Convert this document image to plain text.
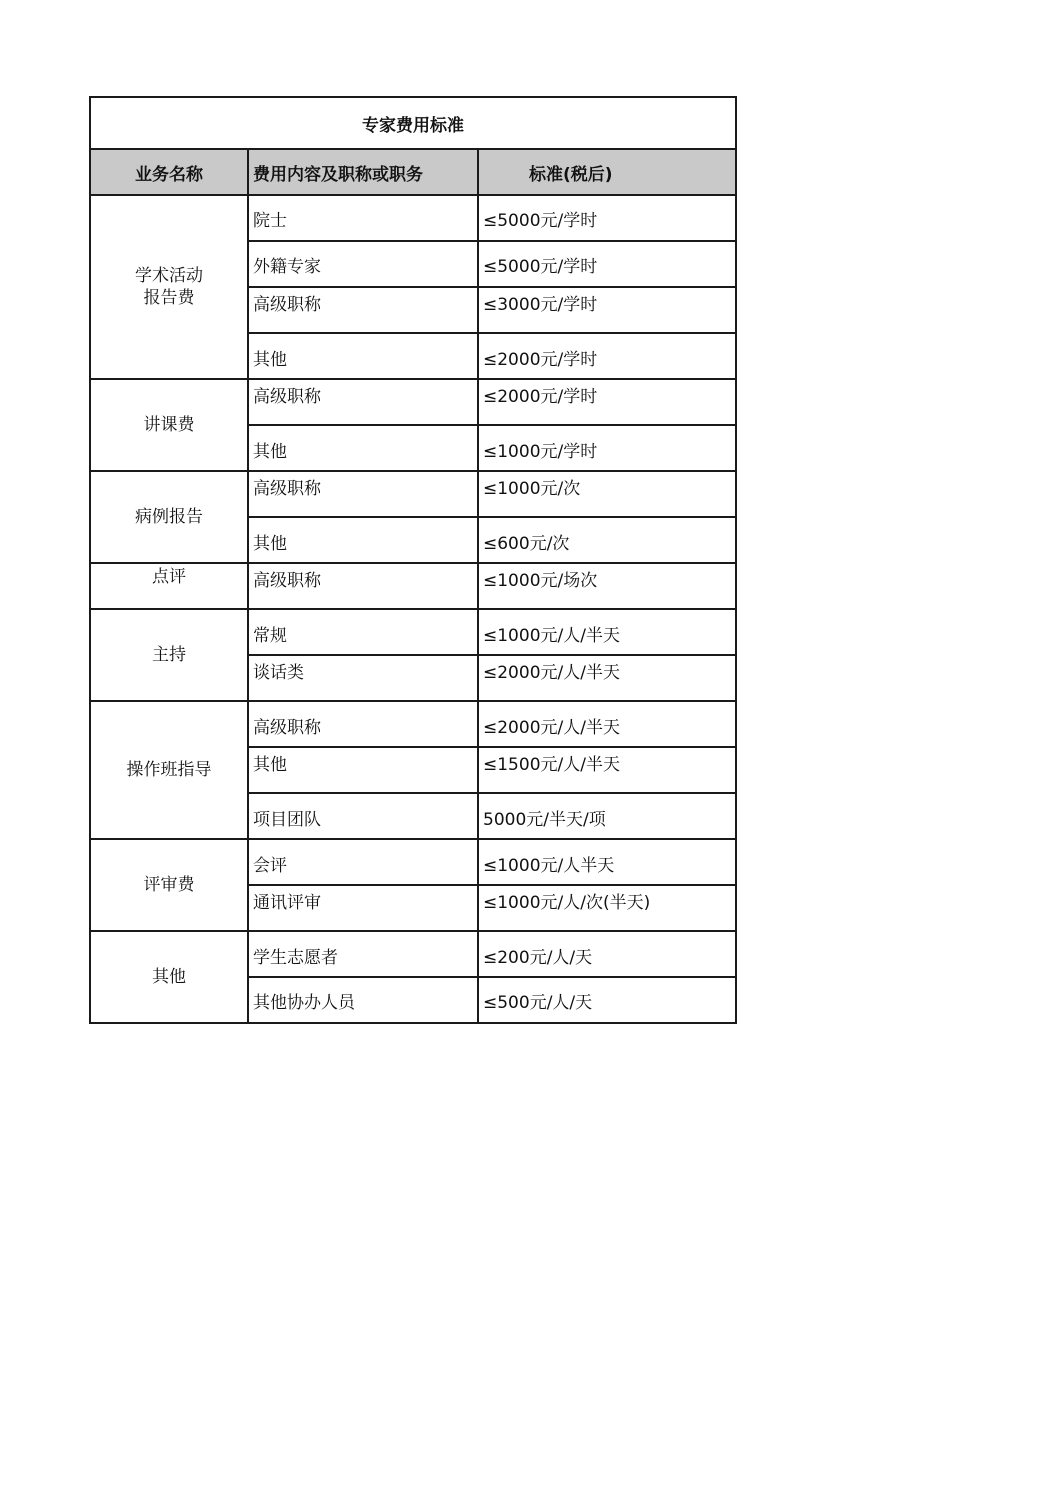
专家费用标准		
业务名称	费用内容及职称或职务	标准(税后)

学术活动
报告费	院士	≤5000元/学时
	外籍专家	≤5000元/学时
	高级职称	≤3000元/学时
	其他	≤2000元/学时

讲课费	高级职称	≤2000元/学时
	其他	≤1000元/学时

病例报告	高级职称	≤1000元/次
	其他	≤600元/次

点评	高级职称	≤1000元/场次

主持	常规	≤1000元/人/半天
	谈话类	≤2000元/人/半天

操作班指导	高级职称	≤2000元/人/半天
	其他	≤1500元/人/半天
	项目团队	5000元/半天/项

评审费	会评	≤1000元/人半天
	通讯评审	≤1000元/人/次(半天)

其他	学生志愿者	≤200元/人/天
	其他协办人员	≤500元/人/天
